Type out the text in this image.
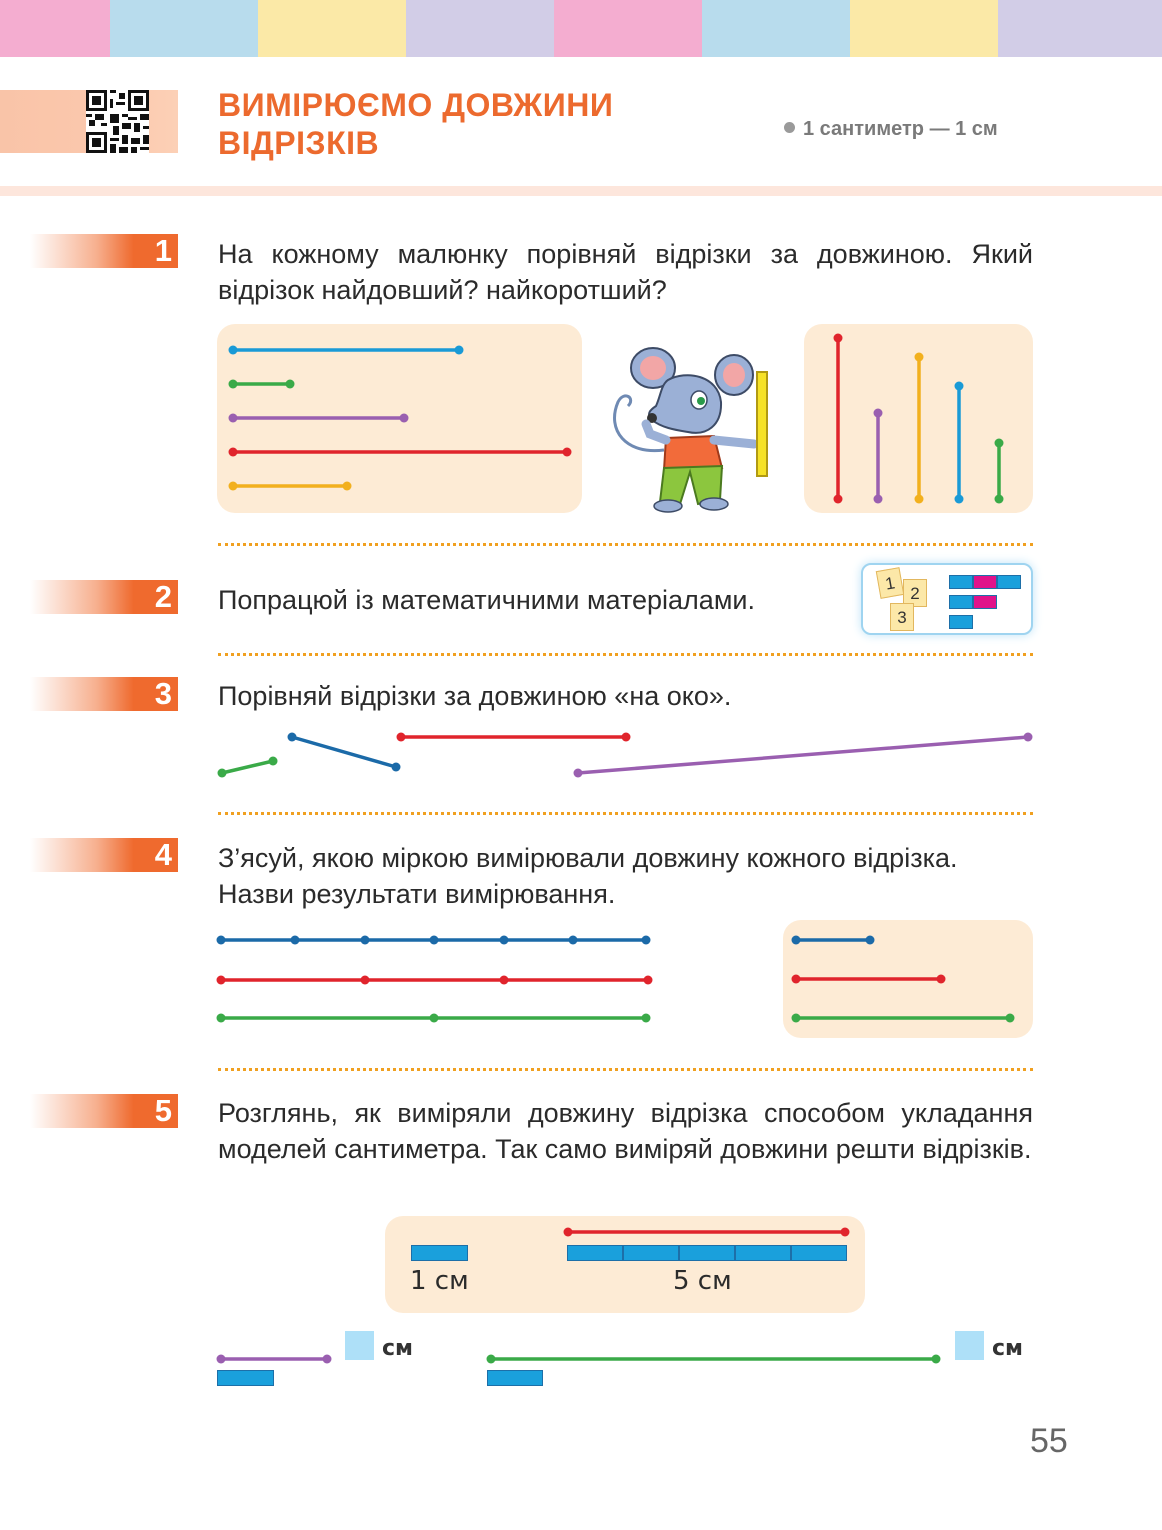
ВИМІРЮЄМО ДОВЖИНИ
ВІДРІЗКІВ	1 сантиметр — 1 см
1 На кожному малюнку порівняй відрізки за довжиною. Який відрізок найдовший? найкоротший?

2 Попрацюй із математичними матеріалами.

1 2
3
3 Порівняй відрізки за довжиною «на око».

4 З’ясуй, якою міркою вимірювали довжину кожного відрізка. Назви результати вимірювання.

5 Розглянь, як виміряли довжину відрізка способом укладання моделей сантиметра. Так само виміряй довжини решти відрізків.

1 см	5 см
см	см
55
